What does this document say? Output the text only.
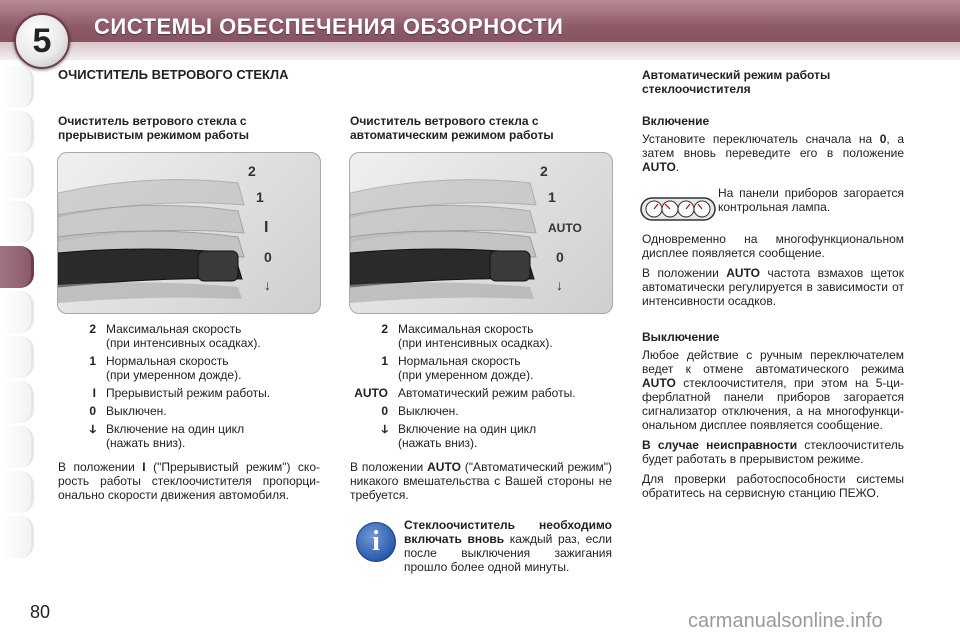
5	СИСТЕМЫ ОБЕСПЕЧЕНИЯ ОБЗОРНОСТИ
ОЧИСТИТЕЛЬ ВЕТРОВОГО СТЕКЛА
Очиститель ветрового стекла с
прерывистым режимом работы
2
1
I
0
↓
2 Максимальная скорость
(при интенсивных осадках).
1 Нормальная скорость
(при умеренном дожде).
I Прерывистый режим работы.
0 Выключен.
ↆ Включение на один цикл
(нажать вниз).

В положении I ("Прерывистый режим") скорость работы стеклоочистителя пропорционально скорости движения автомобиля.

Очиститель ветрового стекла с
автоматическим режимом работы
2
1
AUTO
0
↓
2 Максимальная скорость
(при интенсивных осадках).
1 Нормальная скорость
(при умеренном дожде).
AUTO Автоматический режим работы.
0 Выключен.
ↆ Включение на один цикл
(нажать вниз).

В положении AUTO ("Автоматический режим") никакого вмешательства с Вашей стороны не требуется.

i

Стеклоочиститель необходимо включать вновь каждый раз, если после выключения зажигания прошло более одной минуты.

Автоматический режим работы
стеклоочистителя
Включение

Установите переключатель сначала на 0, а затем вновь переведите его в положение AUTO.

На панели приборов загорается контрольная лампа.

Одновременно на многофункциональном дисплее появляется сообщение.

В положении AUTO частота взмахов щеток автоматически регулируется в зависимости от интенсивности осадков.

Выключение

Любое действие с ручным переключателем ведет к отмене автоматического режима AUTO стеклоочистителя, при этом на 5-циферблатной панели приборов загорается сигнализатор отключения, а на многофункциональном дисплее появляется сообщение.

В случае неисправности стеклоочиститель будет работать в прерывистом режиме.

Для проверки работоспособности системы обратитесь на сервисную станцию ПЕЖО.

80	carmanualsonline.info
